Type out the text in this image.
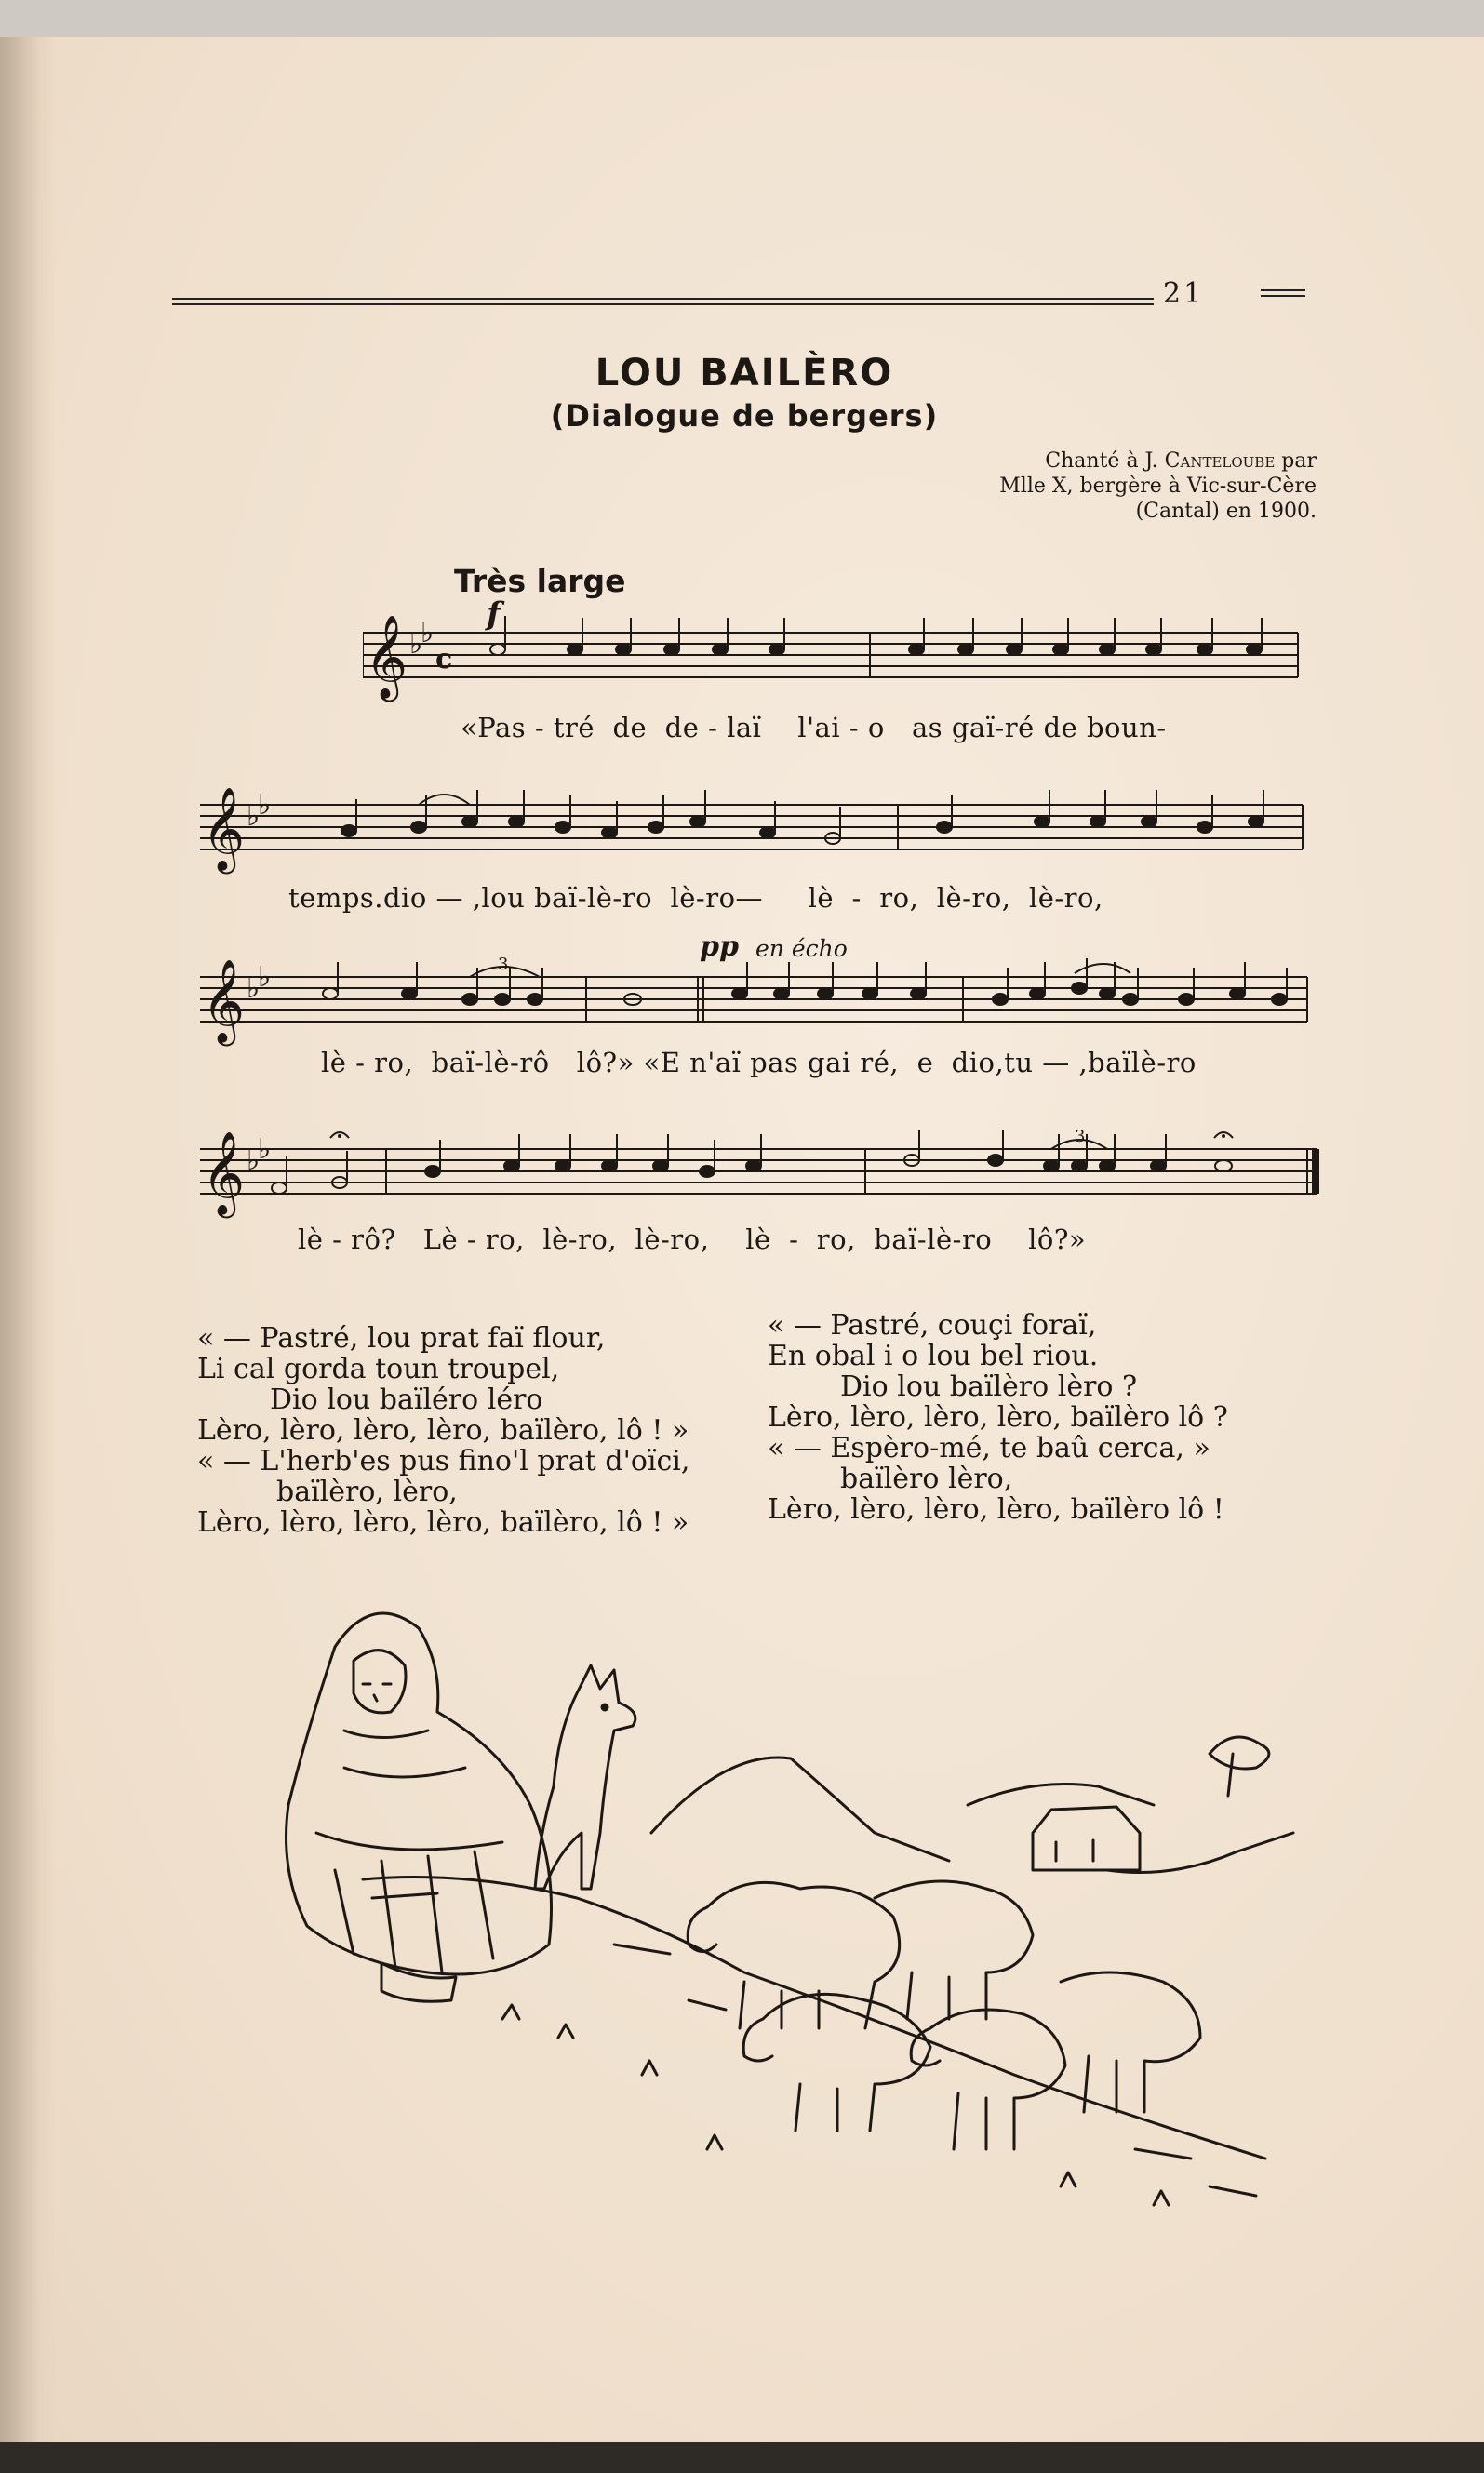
21
LOU BAILÈRO
(Dialogue de bergers)
Chanté à J. Canteloube par
Mlle X, bergère à Vic-sur-Cère
(Cantal) en 1900.
Très large
f
pp en écho
𝄞 ♭
♭
c
«Pas - tré  de  de - laï    l'ai - o   as gaï-ré de boun-
𝄞 ♭
♭
temps.dio — ,lou baï-lè-ro  lè-ro—     lè  -  ro,  lè-ro,  lè-ro,
𝄞 ♭
♭	3
lè - ro,  baï-lè-rô   lô?» «E n'aï pas gai ré,  e  dio,tu — ,baïlè-ro
𝄞 ♭
♭	3
lè - rô?   Lè - ro,  lè-ro,  lè-ro,    lè  -  ro,  baï-lè-ro    lô?»
« — Pastré, lou prat faï flour,
Li cal gorda toun troupel,
Dio lou baïléro léro
Lèro, lèro, lèro, lèro, baïlèro, lô ! »
« — L'herb'es pus fino'l prat d'oïci,
baïlèro, lèro,
Lèro, lèro, lèro, lèro, baïlèro, lô ! »
« — Pastré, couçi foraï,
En obal i o lou bel riou.
Dio lou baïlèro lèro ?
Lèro, lèro, lèro, lèro, baïlèro lô ?
« — Espèro-mé, te baû cerca, »
baïlèro lèro,
Lèro, lèro, lèro, lèro, baïlèro lô !
